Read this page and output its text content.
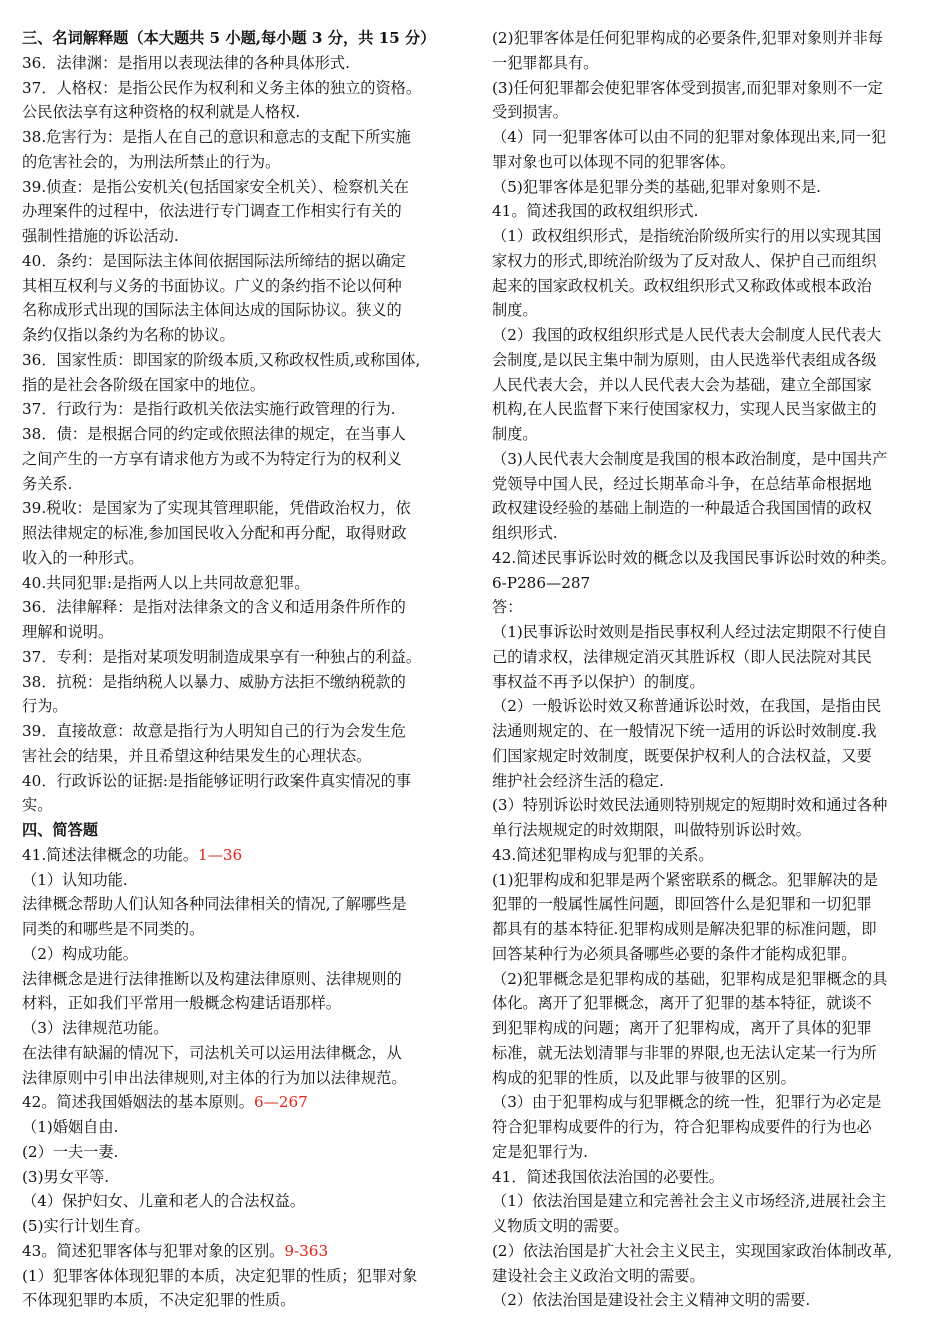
三、名词解释题（本大题共 5 小题,每小题 3 分，共 15 分）
36．法律渊：是指用以表现法律的各种具体形式.
37．人格权：是指公民作为权利和义务主体的独立的资格。
公民依法享有这种资格的权利就是人格权.
38.危害行为：是指人在自己的意识和意志的支配下所实施
的危害社会的，为刑法所禁止的行为。
39.侦查：是指公安机关(包括国家安全机关）、检察机关在
办理案件的过程中，依法进行专门调查工作相实行有关的
强制性措施的诉讼活动.
40．条约：是国际法主体间依据国际法所缔结的据以确定
其相互权利与义务的书面协议。广义的条约指不论以何种
名称成形式出现的国际法主体间达成的国际协议。狭义的
条约仅指以条约为名称的协议。
36．国家性质：即国家的阶级本质,又称政权性质,或称国体,
指的是社会各阶级在国家中的地位。
37．行政行为：是指行政机关依法实施行政管理的行为.
38．债：是根据合同的约定或依照法律的规定，在当事人
之间产生的一方享有请求他方为或不为特定行为的权利义
务关系.
39.税收：是国家为了实现其管理职能，凭借政治权力，依
照法律规定的标准,参加国民收入分配和再分配，取得财政
收入的一种形式。
40.共同犯罪:是指两人以上共同故意犯罪。
36．法律解释：是指对法律条文的含义和适用条件所作的
理解和说明。
37．专利：是指对某项发明制造成果享有一种独占的利益。
38．抗税：是指纳税人以暴力、威胁方法拒不缴纳税款的
行为。
39．直接故意：故意是指行为人明知自己的行为会发生危
害社会的结果，并且希望这种结果发生的心理状态。
40．行政诉讼的证据:是指能够证明行政案件真实情况的事
实。
四、简答题
41.简述法律概念的功能。1—36
（1）认知功能.
法律概念帮助人们认知各种同法律相关的情况,了解哪些是
同类的和哪些是不同类的。
（2）构成功能。
法律概念是进行法律推断以及构建法律原则、法律规则的
材料，正如我们平常用一般概念构建话语那样。
（3）法律规范功能。
在法律有缺漏的情况下，司法机关可以运用法律概念，从
法律原则中引申出法律规则,对主体的行为加以法律规范。
42。简述我国婚姻法的基本原则。6—267
（1)婚姻自由.
(2）一夫一妻.
(3)男女平等.
（4）保护妇女、儿童和老人的合法权益。
(5)实行计划生育。
43。简述犯罪客体与犯罪对象的区别。9-363
(1）犯罪客体体现犯罪的本质，决定犯罪的性质；犯罪对象
不体现犯罪旳本质，不决定犯罪的性质。
(2)犯罪客体是任何犯罪构成的必要条件,犯罪对象则并非每
一犯罪都具有。
(3)任何犯罪都会使犯罪客体受到损害,而犯罪对象则不一定
受到损害。
（4）同一犯罪客体可以由不同的犯罪对象体现出来,同一犯
罪对象也可以体现不同的犯罪客体。
（5)犯罪客体是犯罪分类的基础,犯罪对象则不是.
41。简述我国的政权组织形式.
（1）政权组织形式，是指统治阶级所实行的用以实现其国
家权力的形式,即统治阶级为了反对敌人、保护自己而组织
起来的国家政权机关。政权组织形式又称政体或根本政治
制度。
（2）我国的政权组织形式是人民代表大会制度人民代表大
会制度,是以民主集中制为原则，由人民选举代表组成各级
人民代表大会，并以人民代表大会为基础，建立全部国家
机构,在人民监督下来行使国家权力，实现人民当家做主的
制度。
（3)人民代表大会制度是我国的根本政治制度，是中国共产
党领导中国人民，经过长期革命斗争，在总结革命根据地
政权建设经验的基础上制造的一种最适合我国国情的政权
组织形式.
42.简述民事诉讼时效的概念以及我国民事诉讼时效的种类。
6-P286—287
答：
（1)民事诉讼时效则是指民事权利人经过法定期限不行使自
己的请求权，法律规定消灭其胜诉权（即人民法院对其民
事权益不再予以保护）的制度。
（2）一般诉讼时效又称普通诉讼时效，在我国，是指由民
法通则规定的、在一般情况下统一适用的诉讼时效制度.我
们国家规定时效制度，既要保护权利人的合法权益，又要
维护社会经济生活的稳定.
(3）特别诉讼时效民法通则特别规定的短期时效和通过各种
单行法规规定的时效期限，叫做特别诉讼时效。
43.简述犯罪构成与犯罪的关系。
(1)犯罪构成和犯罪是两个紧密联系的概念。犯罪解决的是
犯罪的一般属性属性问题，即回答什么是犯罪和一切犯罪
都具有的基本特征.犯罪构成则是解决犯罪的标准问题，即
回答某种行为必须具备哪些必要的条件才能构成犯罪。
（2)犯罪概念是犯罪构成的基础，犯罪构成是犯罪概念的具
体化。离开了犯罪概念，离开了犯罪的基本特征，就谈不
到犯罪构成的问题；离开了犯罪构成，离开了具体的犯罪
标准，就无法划清罪与非罪的界限,也无法认定某一行为所
构成的犯罪的性质，以及此罪与彼罪的区别。
（3）由于犯罪构成与犯罪概念的统一性，犯罪行为必定是
符合犯罪构成要件的行为，符合犯罪构成要件的行为也必
定是犯罪行为.
41．简述我国依法治国的必要性。
（1）依法治国是建立和完善社会主义市场经济,进展社会主
义物质文明的需要。
(2）依法治国是扩大社会主义民主，实现国家政治体制改革,
建设社会主义政治文明的需要。
（2）依法治国是建设社会主义精神文明的需要.
